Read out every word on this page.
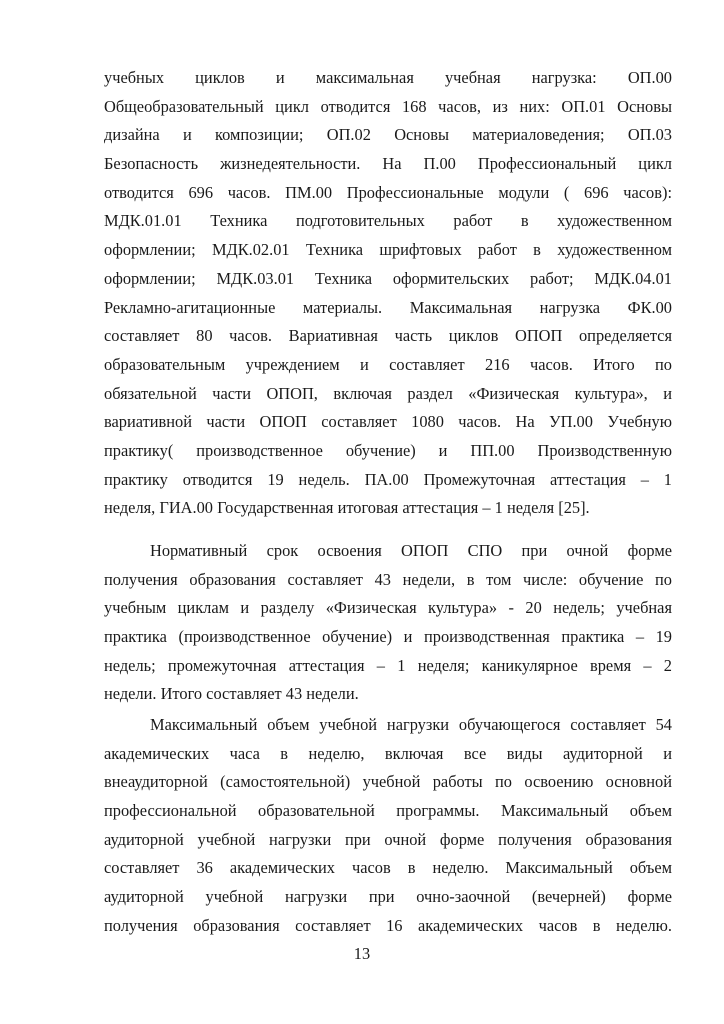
учебных циклов и максимальная учебная нагрузка: ОП.00
Общеобразовательный цикл отводится 168 часов, из них: ОП.01 Основы
дизайна и композиции; ОП.02 Основы материаловедения; ОП.03
Безопасность жизнедеятельности. На П.00 Профессиональный цикл
отводится 696 часов. ПМ.00 Профессиональные модули ( 696 часов):
МДК.01.01 Техника подготовительных работ в художественном
оформлении; МДК.02.01 Техника шрифтовых работ в художественном
оформлении; МДК.03.01 Техника оформительских работ; МДК.04.01
Рекламно-агитационные материалы. Максимальная нагрузка ФК.00
составляет 80 часов. Вариативная часть циклов ОПОП определяется
образовательным учреждением и составляет 216 часов. Итого по
обязательной части ОПОП, включая раздел «Физическая культура», и
вариативной части ОПОП составляет 1080 часов. На УП.00 Учебную
практику( производственное обучение) и ПП.00 Производственную
практику отводится 19 недель. ПА.00 Промежуточная аттестация – 1
неделя, ГИА.00 Государственная итоговая аттестация – 1 неделя [25].
Нормативный срок освоения ОПОП СПО при очной форме
получения образования составляет 43 недели, в том числе: обучение по
учебным циклам и разделу «Физическая культура» - 20 недель; учебная
практика (производственное обучение) и производственная практика – 19
недель; промежуточная аттестация – 1 неделя; каникулярное время – 2
недели. Итого составляет 43 недели.
Максимальный объем учебной нагрузки обучающегося составляет 54
академических часа в неделю, включая все виды аудиторной и
внеаудиторной (самостоятельной) учебной работы по освоению основной
профессиональной образовательной программы. Максимальный объем
аудиторной учебной нагрузки при очной форме получения образования
составляет 36 академических часов в неделю. Максимальный объем
аудиторной учебной нагрузки при очно-заочной (вечерней) форме
получения образования составляет 16 академических часов в неделю.
13
